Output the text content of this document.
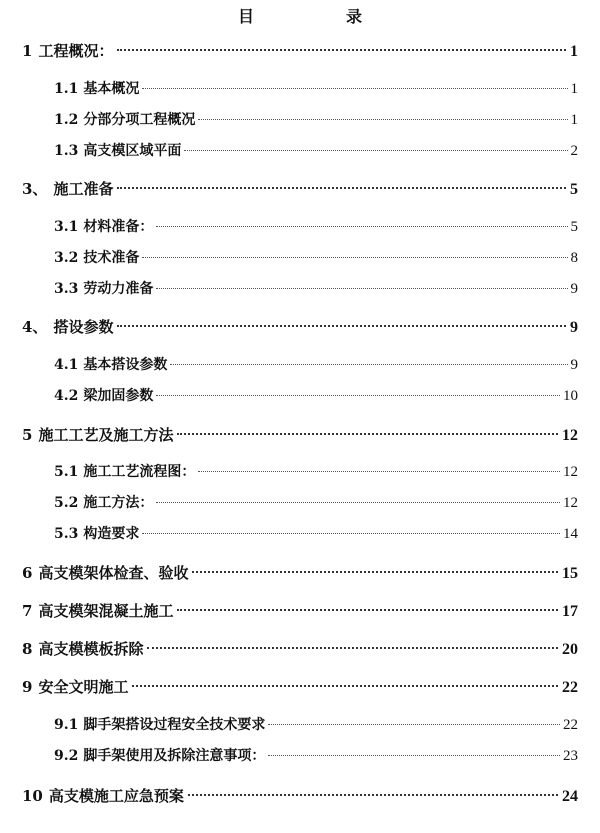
目　录
1 工程概况：	1
1.1 基本概况	1
1.2 分部分项工程概况	1
1.3 高支模区域平面	2
3、 施工准备	5
3.1 材料准备：	5
3.2 技术准备	8
3.3 劳动力准备	9
4、 搭设参数	9
4.1 基本搭设参数	9
4.2 梁加固参数	10
5 施工工艺及施工方法	12
5.1 施工工艺流程图：	12
5.2 施工方法：	12
5.3 构造要求	14
6 高支模架体检查、验收	15
7 高支模架混凝土施工	17
8 高支模模板拆除	20
9 安全文明施工	22
9.1 脚手架搭设过程安全技术要求	22
9.2 脚手架使用及拆除注意事项：	23
10 高支模施工应急预案	24
